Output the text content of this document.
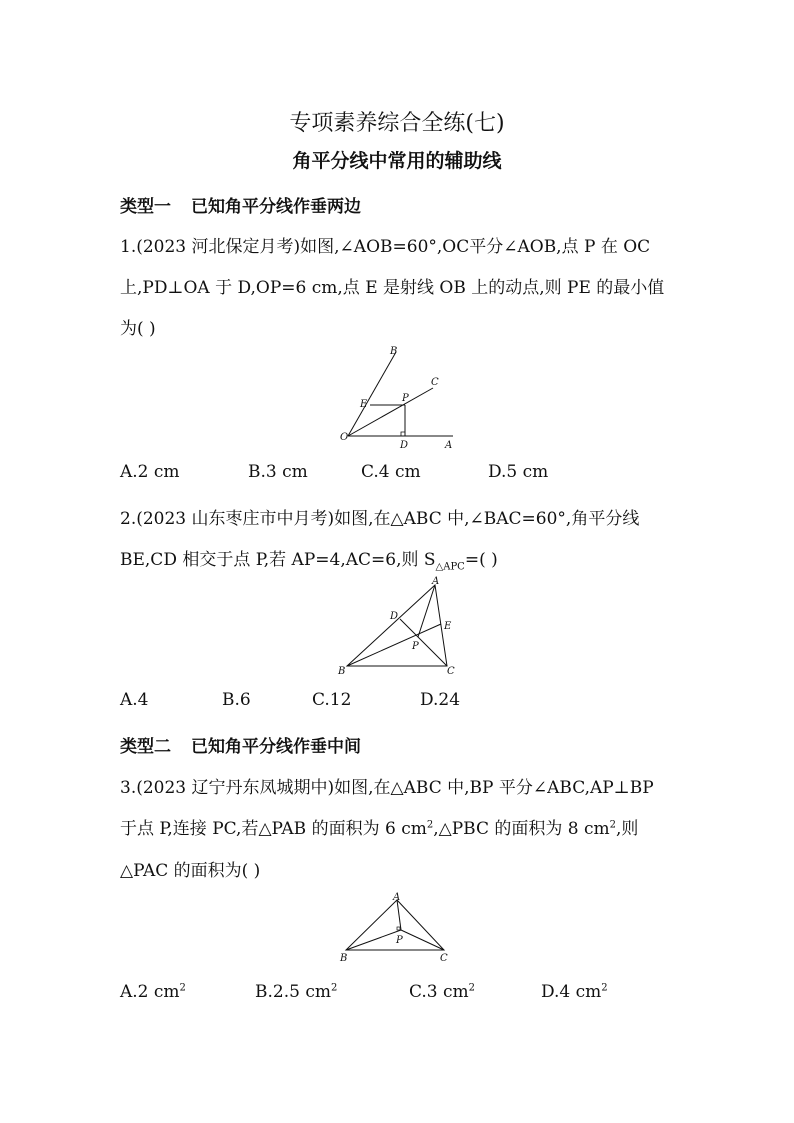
专项素养综合全练(七)
角平分线中常用的辅助线
类型一 已知角平分线作垂两边
1.(2023 河北保定月考)如图,∠AOB=60°,OC平分∠AOB,点 P 在 OC
上,PD⊥OA 于 D,OP=6 cm,点 E 是射线 OB 上的动点,则 PE 的最小值
为( )
B
C
E
P
O
D	A
A.2 cm	B.3 cm	C.4 cm	D.5 cm
2.(2023 山东枣庄市中月考)如图,在△ABC 中,∠BAC=60°,角平分线
BE,CD 相交于点 P,若 AP=4,AC=6,则 $S_{\triangle APC}=$( )
A
D
E
P
B	C
A.4	B.6	C.12	D.24
类型二 已知角平分线作垂中间
3.(2023 辽宁丹东凤城期中)如图,在△ABC 中,BP 平分∠ABC,AP⊥BP
于点 P,连接 PC,若△PAB 的面积为 6 $cm^2,\triangle PBC$ 的面积为 8 $cm^2$,则
△PAC 的面积为( )
A
P
B	C
A.2 $cm^2$	B.2.5 $cm^2$	C.3 $cm^2$	D.4 $cm^2$
